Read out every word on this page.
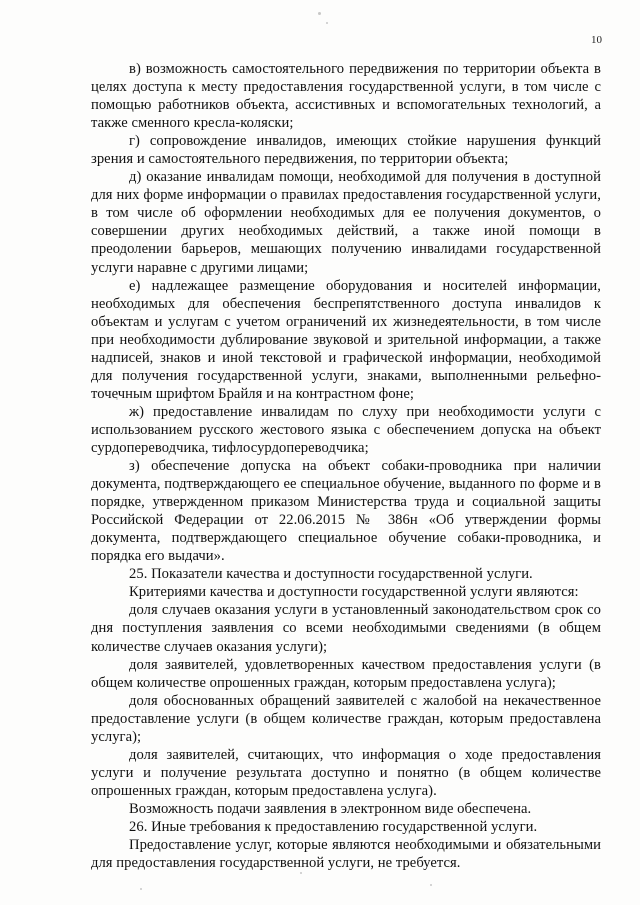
10

в) возможность самостоятельного передвижения по территории объекта в целях доступа к месту предоставления государственной услуги, в том числе с помощью работников объекта, ассистивных и вспомогательных технологий, а также сменного кресла-коляски;

г) сопровождение инвалидов, имеющих стойкие нарушения функций зрения и самостоятельного передвижения, по территории объекта;

д) оказание инвалидам помощи, необходимой для получения в доступной для них форме информации о правилах предоставления государственной услуги, в том числе об оформлении необходимых для ее получения документов, о совершении других необходимых действий, а также иной помощи в преодолении барьеров, мешающих получению инвалидами государственной услуги наравне с другими лицами;

е) надлежащее размещение оборудования и носителей информации, необходимых для обеспечения беспрепятственного доступа инвалидов к объектам и услугам с учетом ограничений их жизнедеятельности, в том числе при необходимости дублирование звуковой и зрительной информации, а также надписей, знаков и иной текстовой и графической информации, необходимой для получения государственной услуги, знаками, выполненными рельефно-точечным шрифтом Брайля и на контрастном фоне;

ж) предоставление инвалидам по слуху при необходимости услуги с использованием русского жестового языка с обеспечением допуска на объект сурдопереводчика, тифлосурдопереводчика;

з) обеспечение допуска на объект собаки-проводника при наличии документа, подтверждающего ее специальное обучение, выданного по форме и в порядке, утвержденном приказом Министерства труда и социальной защиты Российской Федерации от 22.06.2015 № 386н «Об утверждении формы документа, подтверждающего специальное обучение собаки-проводника, и порядка его выдачи».

25. Показатели качества и доступности государственной услуги.

Критериями качества и доступности государственной услуги являются:

доля случаев оказания услуги в установленный законодательством срок со дня поступления заявления со всеми необходимыми сведениями (в общем количестве случаев оказания услуги);

доля заявителей, удовлетворенных качеством предоставления услуги (в общем количестве опрошенных граждан, которым предоставлена услуга);

доля обоснованных обращений заявителей с жалобой на некачественное предоставление услуги (в общем количестве граждан, которым предоставлена услуга);

доля заявителей, считающих, что информация о ходе предоставления услуги и получение результата доступно и понятно (в общем количестве опрошенных граждан, которым предоставлена услуга).

Возможность подачи заявления в электронном виде обеспечена.

26. Иные требования к предоставлению государственной услуги.

Предоставление услуг, которые являются необходимыми и обязательными для предоставления государственной услуги, не требуется.
